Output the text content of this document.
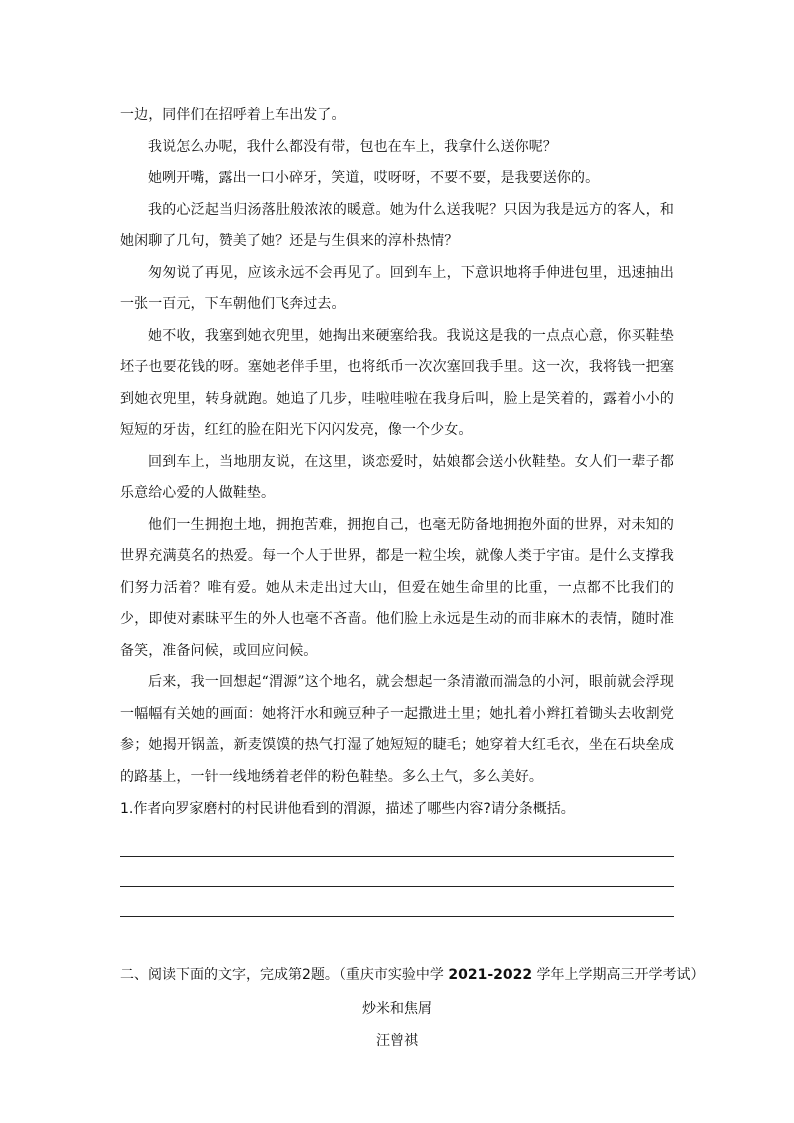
一边，同伴们在招呼着上车出发了。

我说怎么办呢，我什么都没有带，包也在车上，我拿什么送你呢？

她咧开嘴，露出一口小碎牙，笑道，哎呀呀，不要不要，是我要送你的。

我的心泛起当归汤落肚般浓浓的暖意。她为什么送我呢？只因为我是远方的客人，和她闲聊了几句，赞美了她？还是与生俱来的淳朴热情？

匆匆说了再见，应该永远不会再见了。回到车上，下意识地将手伸进包里，迅速抽出一张一百元，下车朝他们飞奔过去。

她不收，我塞到她衣兜里，她掏出来硬塞给我。我说这是我的一点点心意，你买鞋垫坯子也要花钱的呀。塞她老伴手里，也将纸币一次次塞回我手里。这一次，我将钱一把塞到她衣兜里，转身就跑。她追了几步，哇啦哇啦在我身后叫，脸上是笑着的，露着小小的短短的牙齿，红红的脸在阳光下闪闪发亮，像一个少女。

回到车上，当地朋友说，在这里，谈恋爱时，姑娘都会送小伙鞋垫。女人们一辈子都乐意给心爱的人做鞋垫。

他们一生拥抱土地，拥抱苦难，拥抱自己，也毫无防备地拥抱外面的世界，对未知的世界充满莫名的热爱。每一个人于世界，都是一粒尘埃，就像人类于宇宙。是什么支撑我们努力活着？唯有爱。她从未走出过大山，但爱在她生命里的比重，一点都不比我们的少，即使对素昧平生的外人也毫不吝啬。他们脸上永远是生动的而非麻木的表情，随时准备笑，准备问候，或回应问候。

后来，我一回想起“渭源”这个地名，就会想起一条清澈而湍急的小河，眼前就会浮现一幅幅有关她的画面：她将汗水和豌豆种子一起撒进土里；她扎着小辫扛着锄头去收割党参；她揭开锅盖，新麦馍馍的热气打湿了她短短的睫毛；她穿着大红毛衣，坐在石块垒成的路基上，一针一线地绣着老伴的粉色鞋垫。多么土气，多么美好。

1.作者向罗家磨村的村民讲他看到的渭源，描述了哪些内容?请分条概括。

二、阅读下面的文字，完成第2题。（重庆市实验中学 2021-2022 学年上学期高三开学考试）
炒米和焦屑
汪曾祺
